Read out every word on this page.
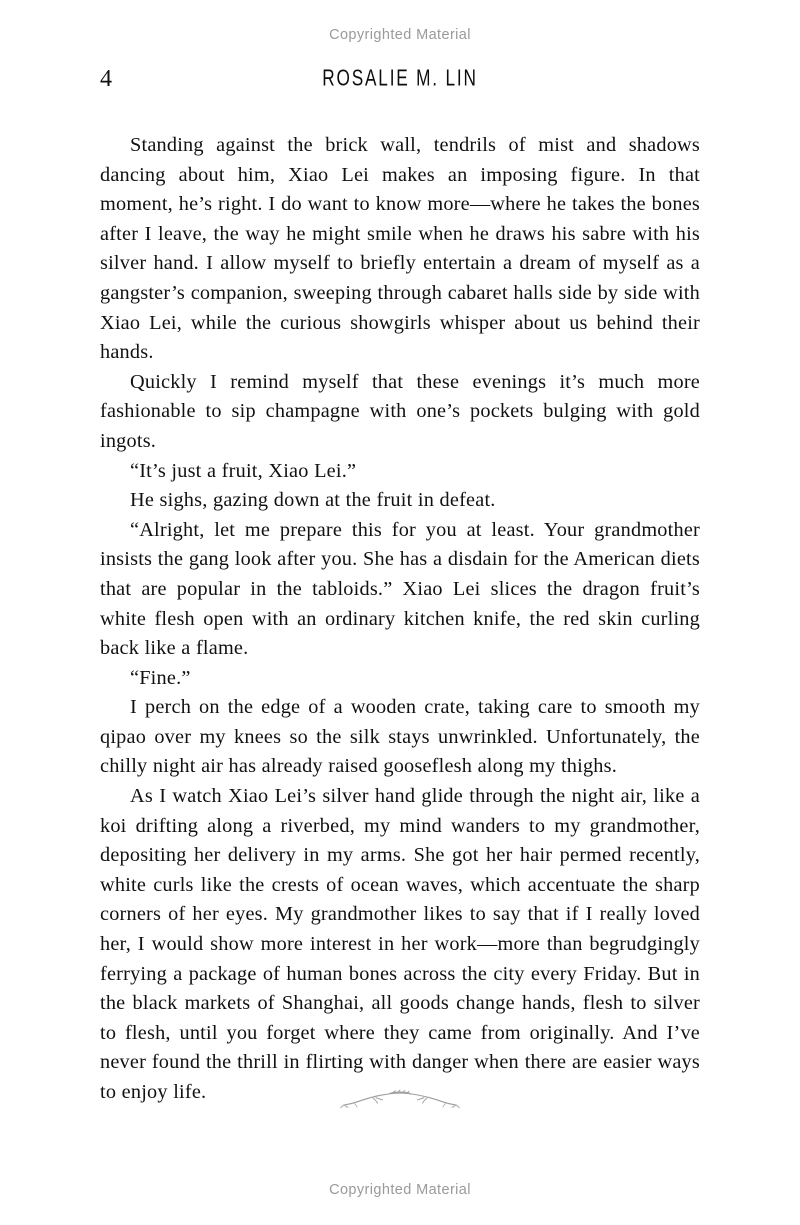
Copyrighted Material
4	ROSALIE M. LIN

Standing against the brick wall, tendrils of mist and shadows dancing about him, Xiao Lei makes an imposing figure. In that moment, he’s right. I do want to know more—where he takes the bones after I leave, the way he might smile when he draws his sabre with his silver hand. I allow myself to briefly entertain a dream of myself as a gangster’s companion, sweeping through cabaret halls side by side with Xiao Lei, while the curious showgirls whisper about us behind their hands.

Quickly I remind myself that these evenings it’s much more fashionable to sip champagne with one’s pockets bulging with gold ingots.

“It’s just a fruit, Xiao Lei.”

He sighs, gazing down at the fruit in defeat.

“Alright, let me prepare this for you at least. Your grandmother insists the gang look after you. She has a disdain for the American diets that are popular in the tabloids.” Xiao Lei slices the dragon fruit’s white flesh open with an ordinary kitchen knife, the red skin curling back like a flame.

“Fine.”

I perch on the edge of a wooden crate, taking care to smooth my qipao over my knees so the silk stays unwrinkled. Unfortunately, the chilly night air has already raised gooseflesh along my thighs.

As I watch Xiao Lei’s silver hand glide through the night air, like a koi drifting along a riverbed, my mind wanders to my grandmother, depositing her delivery in my arms. She got her hair permed recently, white curls like the crests of ocean waves, which accentuate the sharp corners of her eyes. My grandmother likes to say that if I really loved her, I would show more interest in her work—more than begrudgingly ferrying a package of human bones across the city every Friday. But in the black markets of Shanghai, all goods change hands, flesh to silver to flesh, until you forget where they came from originally. And I’ve never found the thrill in flirting with danger when there are easier ways to enjoy life.

Copyrighted Material
